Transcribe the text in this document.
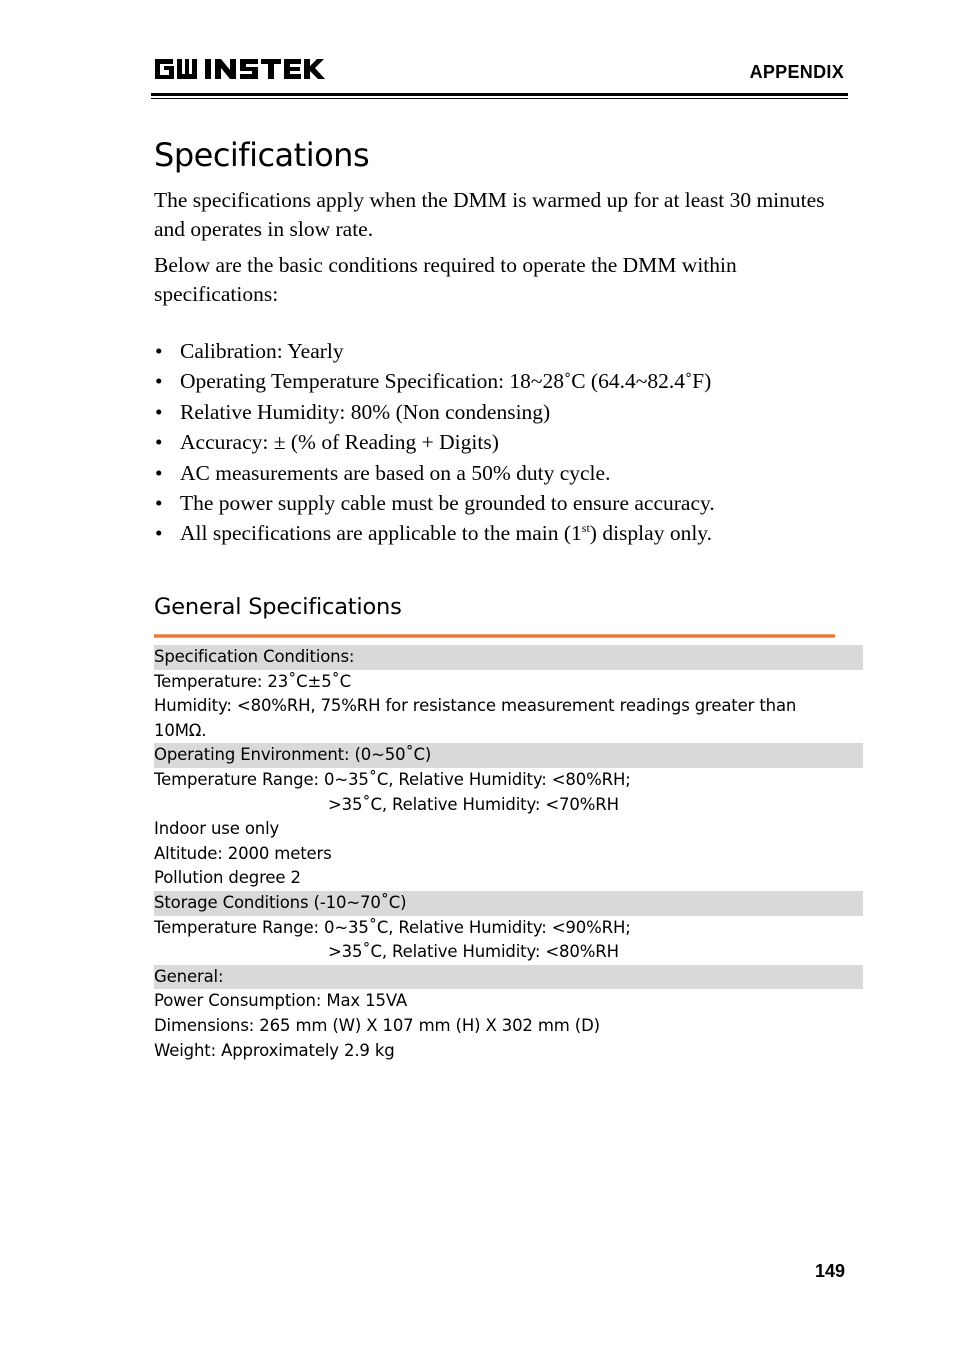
APPENDIX
Specifications

The specifications apply when the DMM is warmed up for at least 30 minutes and operates in slow rate.

Below are the basic conditions required to operate the DMM within specifications:

• Calibration: Yearly
• Operating Temperature Specification: 18~28˚C (64.4~82.4˚F)
• Relative Humidity: 80% (Non condensing)
• Accuracy: ± (% of Reading + Digits)
• AC measurements are based on a 50% duty cycle.
• The power supply cable must be grounded to ensure accuracy.
• All specifications are applicable to the main (1st) display only.
General Specifications
Specification Conditions:
Temperature: 23˚C±5˚C
Humidity: <80%RH, 75%RH for resistance measurement readings greater than
10MΩ.
Operating Environment: (0~50˚C)
Temperature Range: 0~35˚C, Relative Humidity: <80%RH;
>35˚C, Relative Humidity: <70%RH
Indoor use only
Altitude: 2000 meters
Pollution degree 2
Storage Conditions (-10~70˚C)
Temperature Range: 0~35˚C, Relative Humidity: <90%RH;
>35˚C, Relative Humidity: <80%RH
General:
Power Consumption: Max 15VA
Dimensions: 265 mm (W) X 107 mm (H) X 302 mm (D)
Weight: Approximately 2.9 kg
149
